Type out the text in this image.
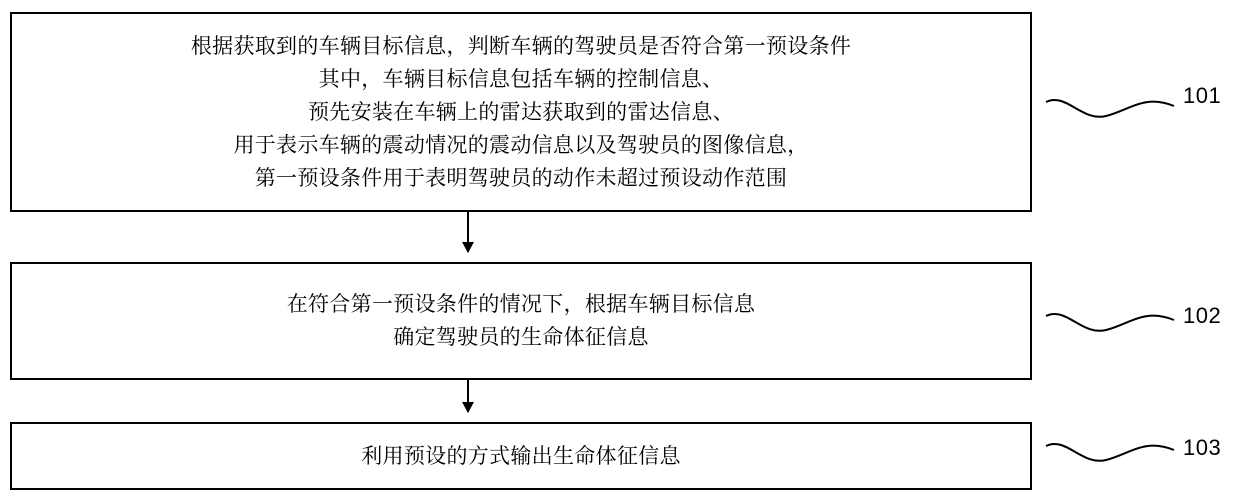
根据获取到的车辆目标信息，判断车辆的驾驶员是否符合第一预设条件
其中，车辆目标信息包括车辆的控制信息、
预先安装在车辆上的雷达获取到的雷达信息、
用于表示车辆的震动情况的震动信息以及驾驶员的图像信息，
第一预设条件用于表明驾驶员的动作未超过预设动作范围
在符合第一预设条件的情况下，根据车辆目标信息
确定驾驶员的生命体征信息
利用预设的方式输出生命体征信息
101
102
103
